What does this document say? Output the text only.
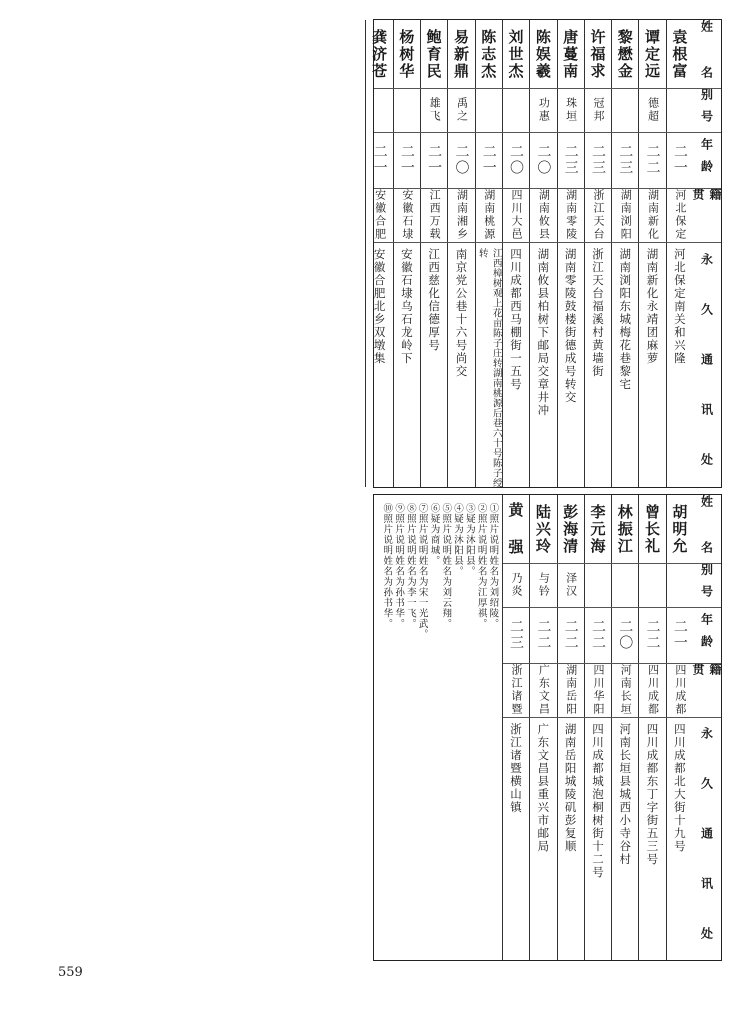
559
姓 名
别号
年龄
籍 贯
永 久 通 讯 处
袁根富
二一
河北保定
河北保定南关和兴隆
谭定远
德超
二二
湖南新化
湖南新化永靖团麻萝
黎懋金
二三
湖南浏阳
湖南浏阳东城梅花巷黎宅
许福求
冠邦
二三
浙江天台
浙江天台福溪村黄墙街
唐蔓南
珠垣
二三
湖南零陵
湖南零陵鼓楼街德成号转交
陈娱羲
功惠
二〇
湖南攸县
湖南攸县柏树下邮局交章井冲
刘世杰
二〇
四川大邑
四川成都西马棚街一五号
陈志杰
二一
湖南桃源
江西樟树观上花亩陈子庄转湖南桃源后巷六十号陈子绶转
易新鼎
禹之
二〇
湖南湘乡
南京党公巷十六号尚交
鲍育民
雄飞
二一
江西万载
江西慈化信德厚号
杨树华
二一
安徽石埭
安徽石埭乌石龙岭下
龚济苍
二一
安徽合肥
安徽合肥北乡双墩集
姓 名
别号
年龄
籍 贯
永 久 通 讯 处
胡明允
二一
四川成都
四川成都北大街十九号
曾长礼
二二
四川成都
四川成都东丁字街五三号
林振江
二〇
河南长垣
河南长垣县城西小寺谷村
李元海
二二
四川华阳
四川成都城泡桐树街十二号
彭海清
泽汉
二二
湖南岳阳
湖南岳阳城陵矶彭复顺
陆兴玲
与钤
二二
广东文昌
广东文昌县重兴市邮局
黄 强
乃炎
二三
浙江诸暨
浙江诸暨横山镇
①照片说明姓名为刘绍陵。
②照片说明姓名为江厚祺。
③疑为沐阳县。
④疑为沐阳县。
⑤照片说明姓名为刘云翔。
⑥疑为商城。
⑦照片说明姓名为宋一光武。
⑧照片说明姓名为李一飞。
⑨照片说明姓名为孙书华。
⑩照片说明姓名为孙书华。
